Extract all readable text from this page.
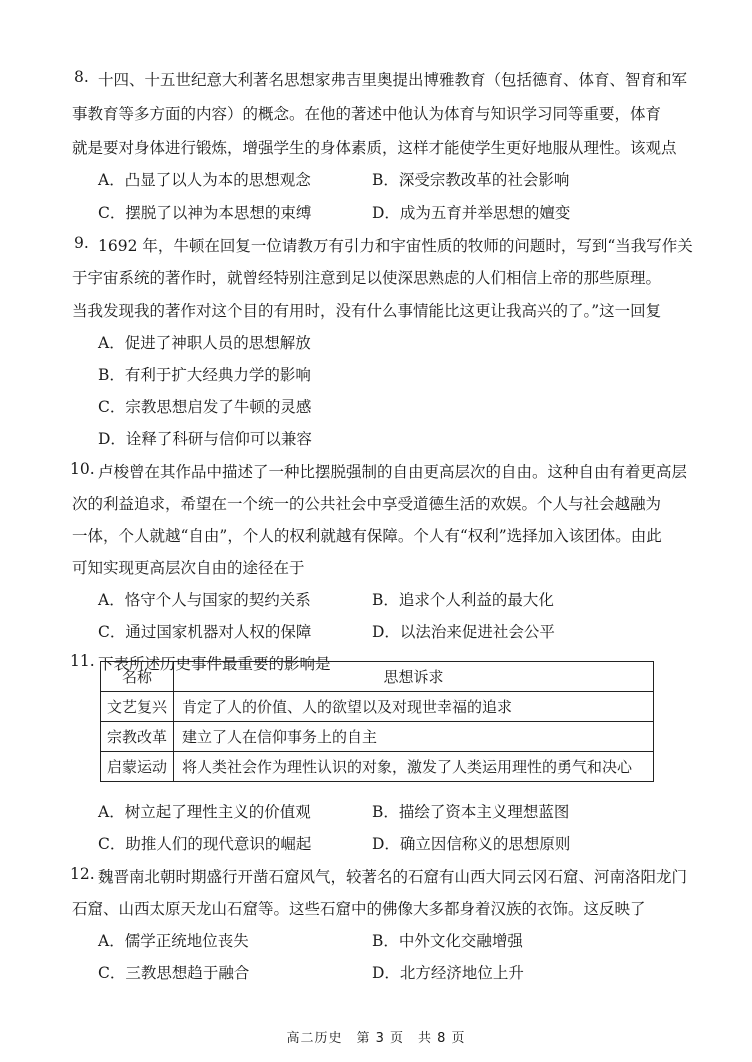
8. 十四、十五世纪意大利著名思想家弗吉里奥提出博雅教育（包括德育、体育、智育和军
事教育等多方面的内容）的概念。在他的著述中他认为体育与知识学习同等重要，体育
就是要对身体进行锻炼，增强学生的身体素质，这样才能使学生更好地服从理性。该观点
A．凸显了以人为本的思想观念	B．深受宗教改革的社会影响
C．摆脱了以神为本思想的束缚	D．成为五育并举思想的嬗变
9. 1692 年，牛顿在回复一位请教万有引力和宇宙性质的牧师的问题时，写到“当我写作关
于宇宙系统的著作时，就曾经特别注意到足以使深思熟虑的人们相信上帝的那些原理。
当我发现我的著作对这个目的有用时，没有什么事情能比这更让我高兴的了。”这一回复
A．促进了神职人员的思想解放
B．有利于扩大经典力学的影响
C．宗教思想启发了牛顿的灵感
D．诠释了科研与信仰可以兼容
10. 卢梭曾在其作品中描述了一种比摆脱强制的自由更高层次的自由。这种自由有着更高层
次的利益追求，希望在一个统一的公共社会中享受道德生活的欢娱。个人与社会越融为
一体，个人就越“自由”，个人的权利就越有保障。个人有“权利”选择加入该团体。由此
可知实现更高层次自由的途径在于
A．恪守个人与国家的契约关系	B．追求个人利益的最大化
C．通过国家机器对人权的保障	D．以法治来促进社会公平
11. 下表所述历史事件最重要的影响是
名称	思想诉求
文艺复兴	肯定了人的价值、人的欲望以及对现世幸福的追求
宗教改革	建立了人在信仰事务上的自主
启蒙运动	将人类社会作为理性认识的对象，激发了人类运用理性的勇气和决心
A．树立起了理性主义的价值观	B．描绘了资本主义理想蓝图
C．助推人们的现代意识的崛起	D．确立因信称义的思想原则
12. 魏晋南北朝时期盛行开凿石窟风气，较著名的石窟有山西大同云冈石窟、河南洛阳龙门
石窟、山西太原天龙山石窟等。这些石窟中的佛像大多都身着汉族的衣饰。这反映了
A．儒学正统地位丧失	B．中外文化交融增强
C．三教思想趋于融合	D．北方经济地位上升
高二历史　第 3 页　共 8 页
